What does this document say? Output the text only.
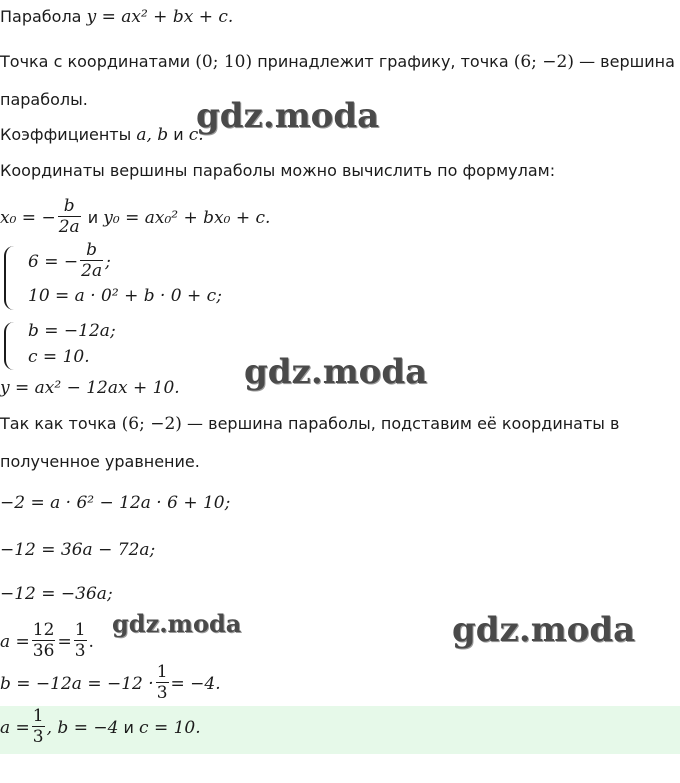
Парабола y = ax² + bx + c.
Точка с координатами (0; 10) принадлежит графику, точка (6; −2) — вершина
параболы.
Коэффициенты a, b и c.
Координаты вершины параболы можно вычислить по формулам:
x₀ = − $\frac{b}{2a}$ и y₀ = ax₀² + bx₀ + c.
6 = − $\frac{b}{2a}$ ;
10 = a · 0² + b · 0 + c;
b = −12a;
c = 10.
y = ax² − 12ax + 10.
Так как точка (6; −2) — вершина параболы, подставим её координаты в
полученное уравнение.
−2 = a · 6² − 12a · 6 + 10;
−12 = 36a − 72a;
−12 = −36a;
$a = \frac{12}{36} = \frac{1}{3}$ .
$b = -12a = -12 \cdot \frac{1}{3} = -4$.
$a = \frac{1}{3}$ , b = −4 и c = 10.
gdz.moda
gdz.moda
gdz.moda	gdz.moda
